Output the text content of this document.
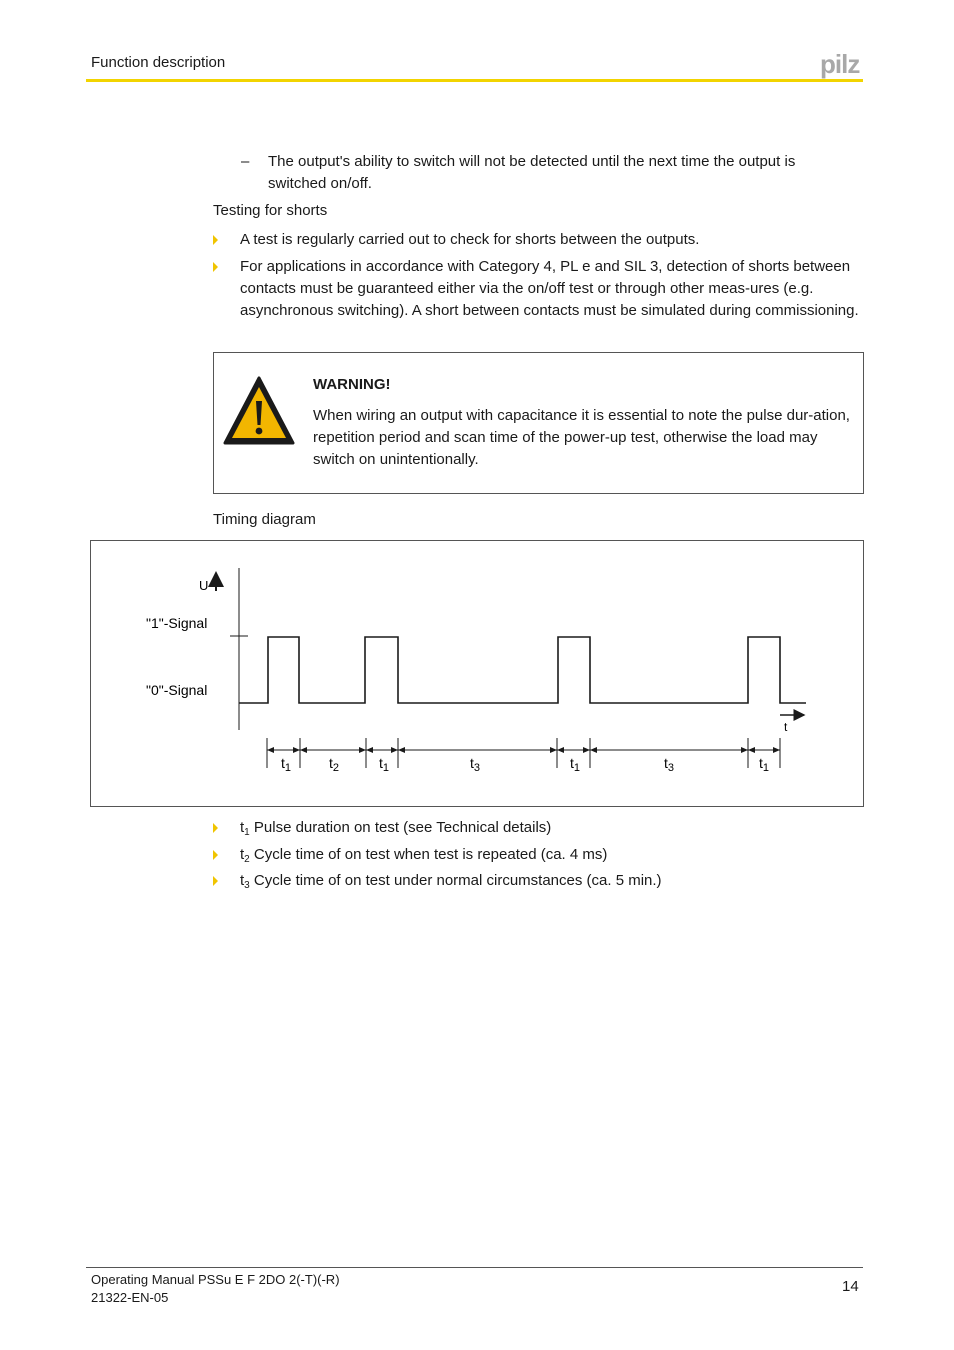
Function description	pilz
– The output's ability to switch will not be detected until the next time the output is switched on/off.
Testing for shorts
A test is regularly carried out to check for shorts between the outputs.
For applications in accordance with Category 4, PL e and SIL 3, detection of shorts between contacts must be guaranteed either via the on/off test or through other meas-ures (e.g. asynchronous switching). A short between contacts must be simulated during commissioning.
WARNING!
When wiring an output with capacitance it is essential to note the pulse dur-ation, repetition period and scan time of the power-up test, otherwise the load may switch on unintentionally.
Timing diagram
U
"1"-Signal
"0"-Signal
t
$t_1$	$t_2$	$t_1$	$t_3$	$t_1$	$t_3$	$t_1$
$t_1$ Pulse duration on test (see Technical details)
$t_2$ Cycle time of on test when test is repeated (ca. 4 ms)
$t_3$ Cycle time of on test under normal circumstances (ca. 5 min.)
Operating Manual PSSu E F 2DO 2(-T)(-R)
21322-EN-05
14
